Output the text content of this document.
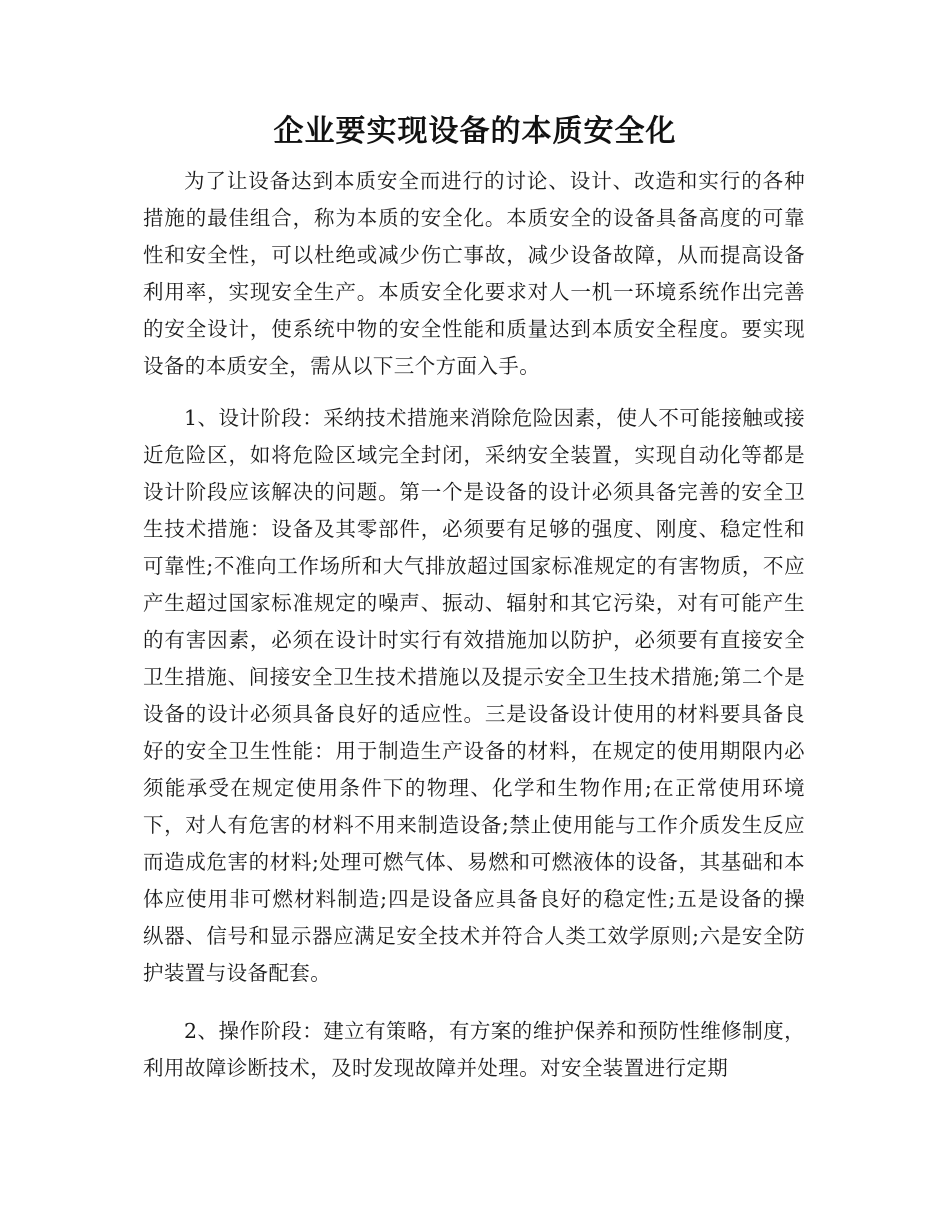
企业要实现设备的本质安全化

为了让设备达到本质安全而进行的讨论、设计、改造和实行的各种措施的最佳组合，称为本质的安全化。本质安全的设备具备高度的可靠性和安全性，可以杜绝或减少伤亡事故，减少设备故障，从而提高设备利用率，实现安全生产。本质安全化要求对人一机一环境系统作出完善的安全设计，使系统中物的安全性能和质量达到本质安全程度。要实现设备的本质安全，需从以下三个方面入手。

1、设计阶段：采纳技术措施来消除危险因素，使人不可能接触或接近危险区，如将危险区域完全封闭，采纳安全装置，实现自动化等都是设计阶段应该解决的问题。第一个是设备的设计必须具备完善的安全卫生技术措施：设备及其零部件，必须要有足够的强度、刚度、稳定性和可靠性;不准向工作场所和大气排放超过国家标准规定的有害物质，不应产生超过国家标准规定的噪声、振动、辐射和其它污染，对有可能产生的有害因素，必须在设计时实行有效措施加以防护，必须要有直接安全卫生措施、间接安全卫生技术措施以及提示安全卫生技术措施;第二个是设备的设计必须具备良好的适应性。三是设备设计使用的材料要具备良好的安全卫生性能：用于制造生产设备的材料，在规定的使用期限内必须能承受在规定使用条件下的物理、化学和生物作用;在正常使用环境下，对人有危害的材料不用来制造设备;禁止使用能与工作介质发生反应而造成危害的材料;处理可燃气体、易燃和可燃液体的设备，其基础和本体应使用非可燃材料制造;四是设备应具备良好的稳定性;五是设备的操纵器、信号和显示器应满足安全技术并符合人类工效学原则;六是安全防护装置与设备配套。

2、操作阶段：建立有策略，有方案的维护保养和预防性维修制度，利用故障诊断技术，及时发现故障并处理。对安全装置进行定期
